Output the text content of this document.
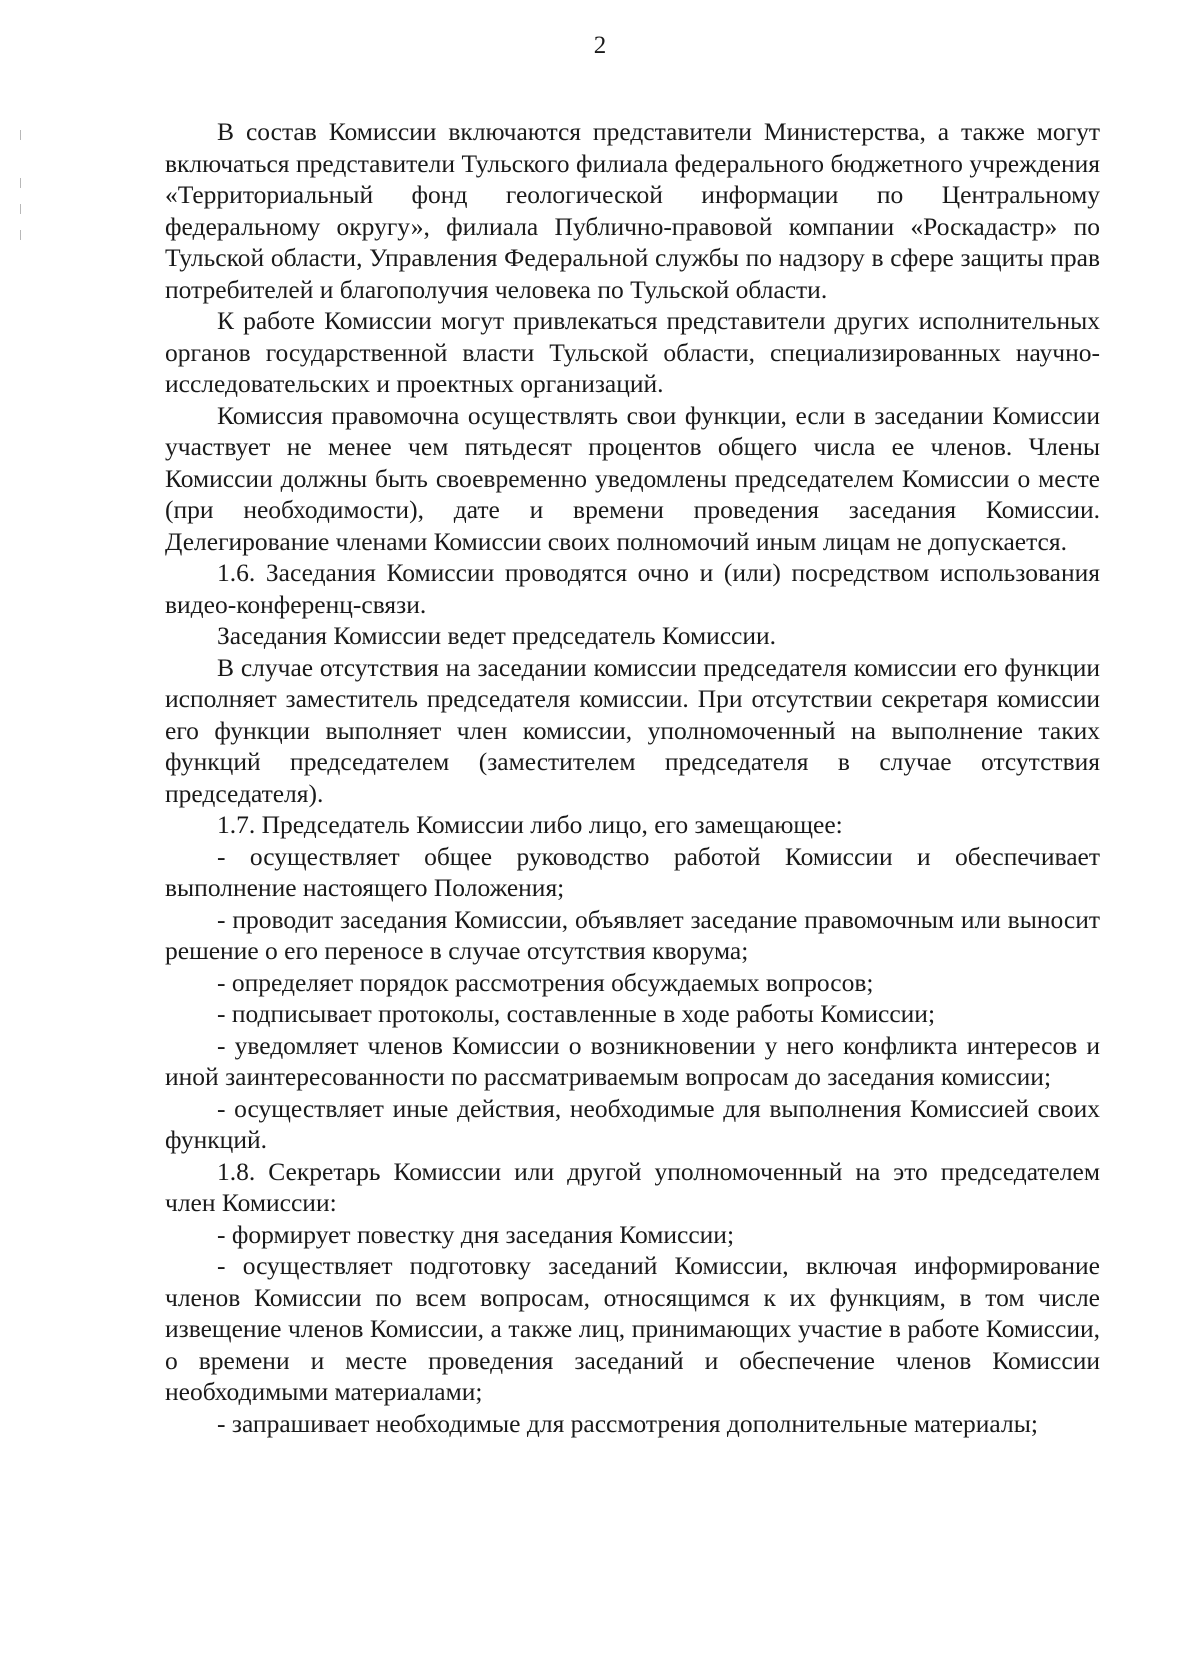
2

В состав Комиссии включаются представители Министерства, а также могут включаться представители Тульского филиала федерального бюджетного учреждения «Территориальный фонд геологической информации по Центральному федеральному округу», филиала Публично-правовой компании «Роскадастр» по Тульской области, Управления Федеральной службы по надзору в сфере защиты прав потребителей и благополучия человека по Тульской области.

К работе Комиссии могут привлекаться представители других исполнительных органов государственной власти Тульской области, специализированных научно-исследовательских и проектных организаций.

Комиссия правомочна осуществлять свои функции, если в заседании Комиссии участвует не менее чем пятьдесят процентов общего числа ее членов. Члены Комиссии должны быть своевременно уведомлены председателем Комиссии о месте (при необходимости), дате и времени проведения заседания Комиссии. Делегирование членами Комиссии своих полномочий иным лицам не допускается.

1.6. Заседания Комиссии проводятся очно и (или) посредством использования видео-конференц-связи.

Заседания Комиссии ведет председатель Комиссии.

В случае отсутствия на заседании комиссии председателя комиссии его функции исполняет заместитель председателя комиссии. При отсутствии секретаря комиссии его функции выполняет член комиссии, уполномоченный на выполнение таких функций председателем (заместителем председателя в случае отсутствия председателя).

1.7. Председатель Комиссии либо лицо, его замещающее:

- осуществляет общее руководство работой Комиссии и обеспечивает выполнение настоящего Положения;

- проводит заседания Комиссии, объявляет заседание правомочным или выносит решение о его переносе в случае отсутствия кворума;

- определяет порядок рассмотрения обсуждаемых вопросов;

- подписывает протоколы, составленные в ходе работы Комиссии;

- уведомляет членов Комиссии о возникновении у него конфликта интересов и иной заинтересованности по рассматриваемым вопросам до заседания комиссии;

- осуществляет иные действия, необходимые для выполнения Комиссией своих функций.

1.8. Секретарь Комиссии или другой уполномоченный на это председателем член Комиссии:

- формирует повестку дня заседания Комиссии;

- осуществляет подготовку заседаний Комиссии, включая информирование членов Комиссии по всем вопросам, относящимся к их функциям, в том числе извещение членов Комиссии, а также лиц, принимающих участие в работе Комиссии, о времени и месте проведения заседаний и обеспечение членов Комиссии необходимыми материалами;

- запрашивает необходимые для рассмотрения дополнительные материалы;
